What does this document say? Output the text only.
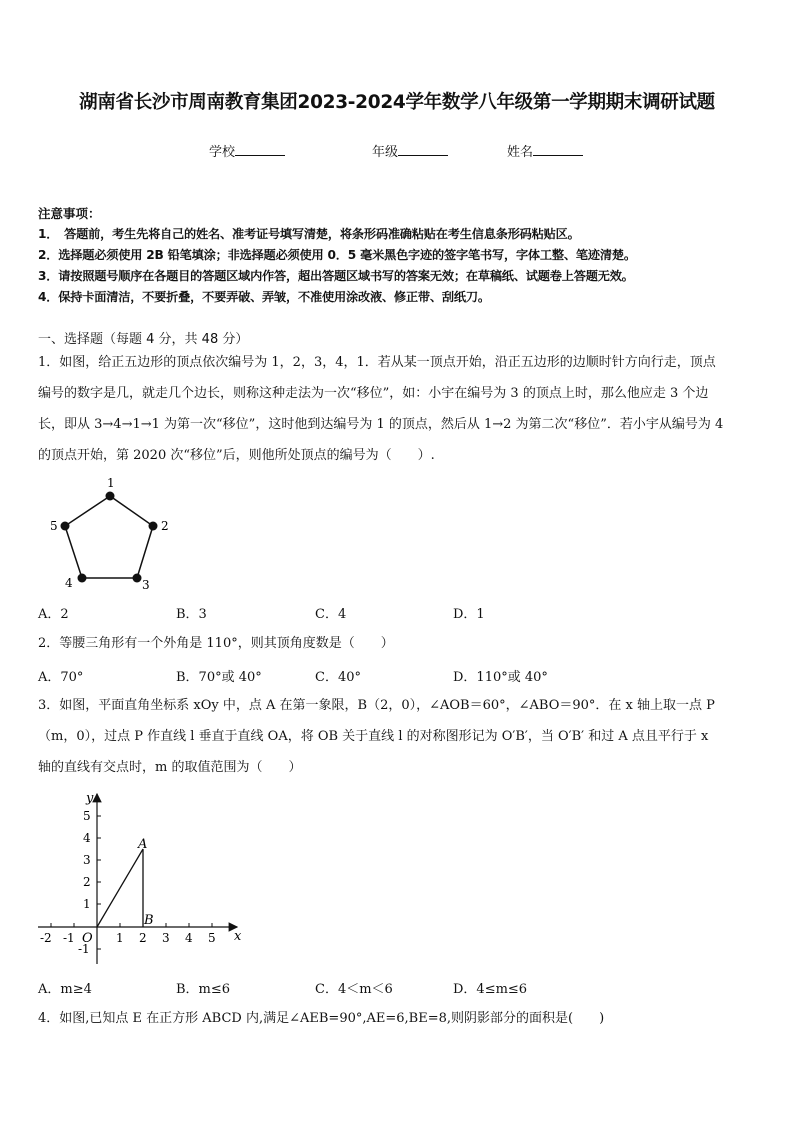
湖南省长沙市周南教育集团2023-2024学年数学八年级第一学期期末调研试题
学校	年级	姓名
注意事项：
1．　答题前，考生先将自己的姓名、准考证号填写清楚，将条形码准确粘贴在考生信息条形码粘贴区。
2．选择题必须使用 2B 铅笔填涂；非选择题必须使用 0．5 毫米黑色字迹的签字笔书写，字体工整、笔迹清楚。
3．请按照题号顺序在各题目的答题区域内作答，超出答题区域书写的答案无效；在草稿纸、试题卷上答题无效。
4．保持卡面清洁，不要折叠，不要弄破、弄皱，不准使用涂改液、修正带、刮纸刀。
一、选择题（每题 4 分，共 48 分）
1．如图，给正五边形的顶点依次编号为 1，2，3，4，1．若从某一顶点开始，沿正五边形的边顺时针方向行走，顶点
编号的数字是几，就走几个边长，则称这种走法为一次“移位”，如：小宇在编号为 3 的顶点上时，那么他应走 3 个边
长，即从 3→4→1→1 为第一次“移位”，这时他到达编号为 1 的顶点，然后从 1→2 为第二次“移位”．若小宇从编号为 4
的顶点开始，第 2020 次“移位”后，则他所处顶点的编号为（　　）.
1
2
3
4
5
A．2	B．3	C．4	D．1
2．等腰三角形有一个外角是 110°，则其顶角度数是（　　）
A．70°	B．70°或 40°	C．40°	D．110°或 40°
3．如图，平面直角坐标系 xOy 中，点 A 在第一象限，B（2，0），∠AOB＝60°，∠ABO＝90°．在 x 轴上取一点 P
（m，0），过点 P 作直线 l 垂直于直线 OA，将 OB 关于直线 l 的对称图形记为 O′B′，当 O′B′ 和过 A 点且平行于 x
轴的直线有交点时，m 的取值范围为（　　）
-2 -1	1 2 3 4 5
5
4
3
2
1
-1
O	x
y
A
B
A．m≥4	B．m≤6	C．4＜m＜6	D．4≤m≤6
4．如图,已知点 E 在正方形 ABCD 内,满足∠AEB=90°,AE=6,BE=8,则阴影部分的面积是(　　)
